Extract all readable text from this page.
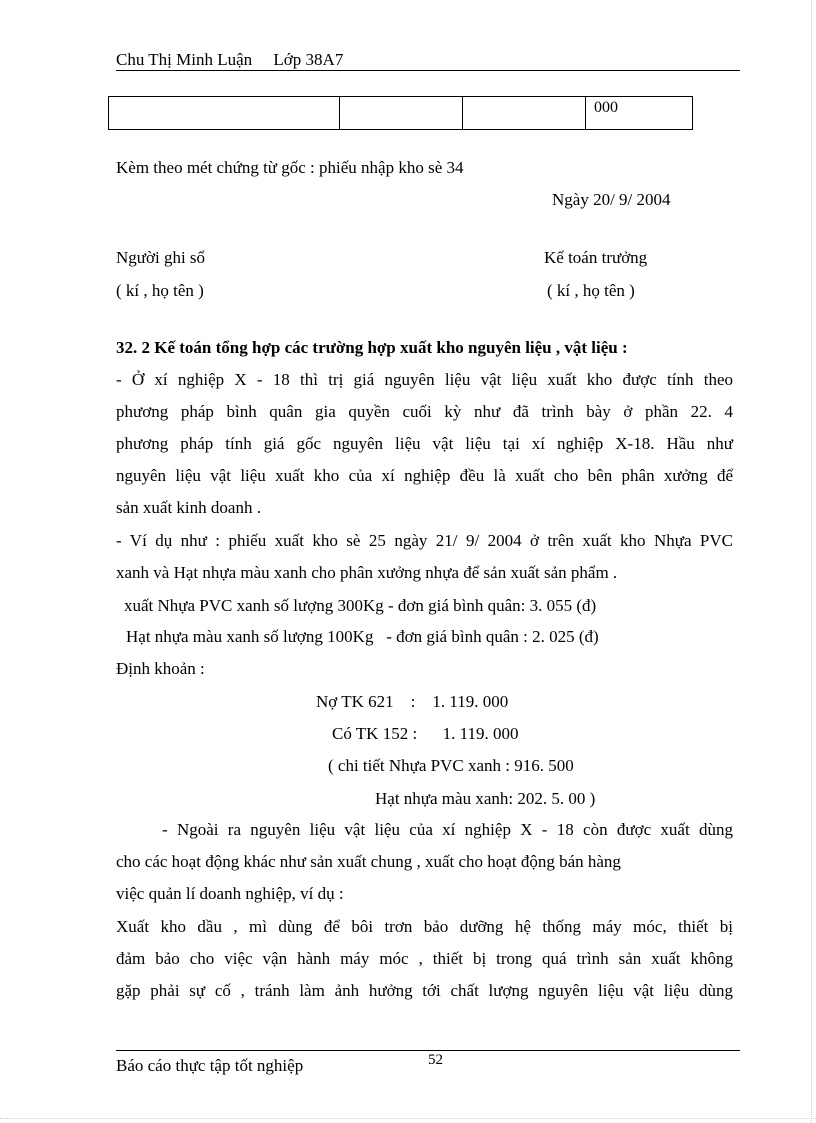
Chu Thị Minh Luận Lớp 38A7
			000
Kèm theo mét chứng từ gốc : phiếu nhập kho sè 34
Ngày 20/ 9/ 2004
Người ghi sổ
( kí , họ tên )
Kế toán trưởng
( kí , họ tên )
32. 2 Kế toán tổng hợp các trường hợp xuất kho nguyên liệu , vật liệu :
- Ở xí nghiệp X - 18 thì trị giá nguyên liệu vật liệu xuất kho được tính theo
phương pháp bình quân gia quyền cuối kỳ như đã trình bày ở phần 22. 4
phương pháp tính giá gốc nguyên liệu vật liệu tại xí nghiệp X-18. Hầu như
nguyên liệu vật liệu xuất kho của xí nghiệp đều là xuất cho bên phân xưởng để
sản xuất kinh doanh .
- Ví dụ như : phiếu xuất kho sè 25 ngày 21/ 9/ 2004 ở trên xuất kho Nhựa PVC
xanh và Hạt nhựa màu xanh cho phân xưởng nhựa để sản xuất sản phẩm .
xuất Nhựa PVC xanh số lượng 300Kg - đơn giá bình quân: 3. 055 (đ)
Hạt nhựa màu xanh số lượng 100Kg   - đơn giá bình quân : 2. 025 (đ)
Định khoản :
Nợ TK 621    :    1. 119. 000
Có TK 152 :      1. 119. 000
( chi tiết Nhựa PVC xanh : 916. 500
Hạt nhựa màu xanh: 202. 5. 00 )
- Ngoài ra nguyên liệu vật liệu của xí nghiệp X - 18 còn được xuất dùng
cho các hoạt động khác như sản xuất chung , xuất cho hoạt động bán hàng
việc quản lí doanh nghiệp, ví dụ :
Xuất kho dầu , mì dùng để bôi trơn bảo dưỡng hệ thống máy móc, thiết bị
đảm bảo cho việc vận hành máy móc , thiết bị trong quá trình sản xuất không
gặp phải sự cố , tránh làm ảnh hưởng tới chất lượng nguyên liệu vật liệu dùng
Báo cáo thực tập tốt nghiệp	52
